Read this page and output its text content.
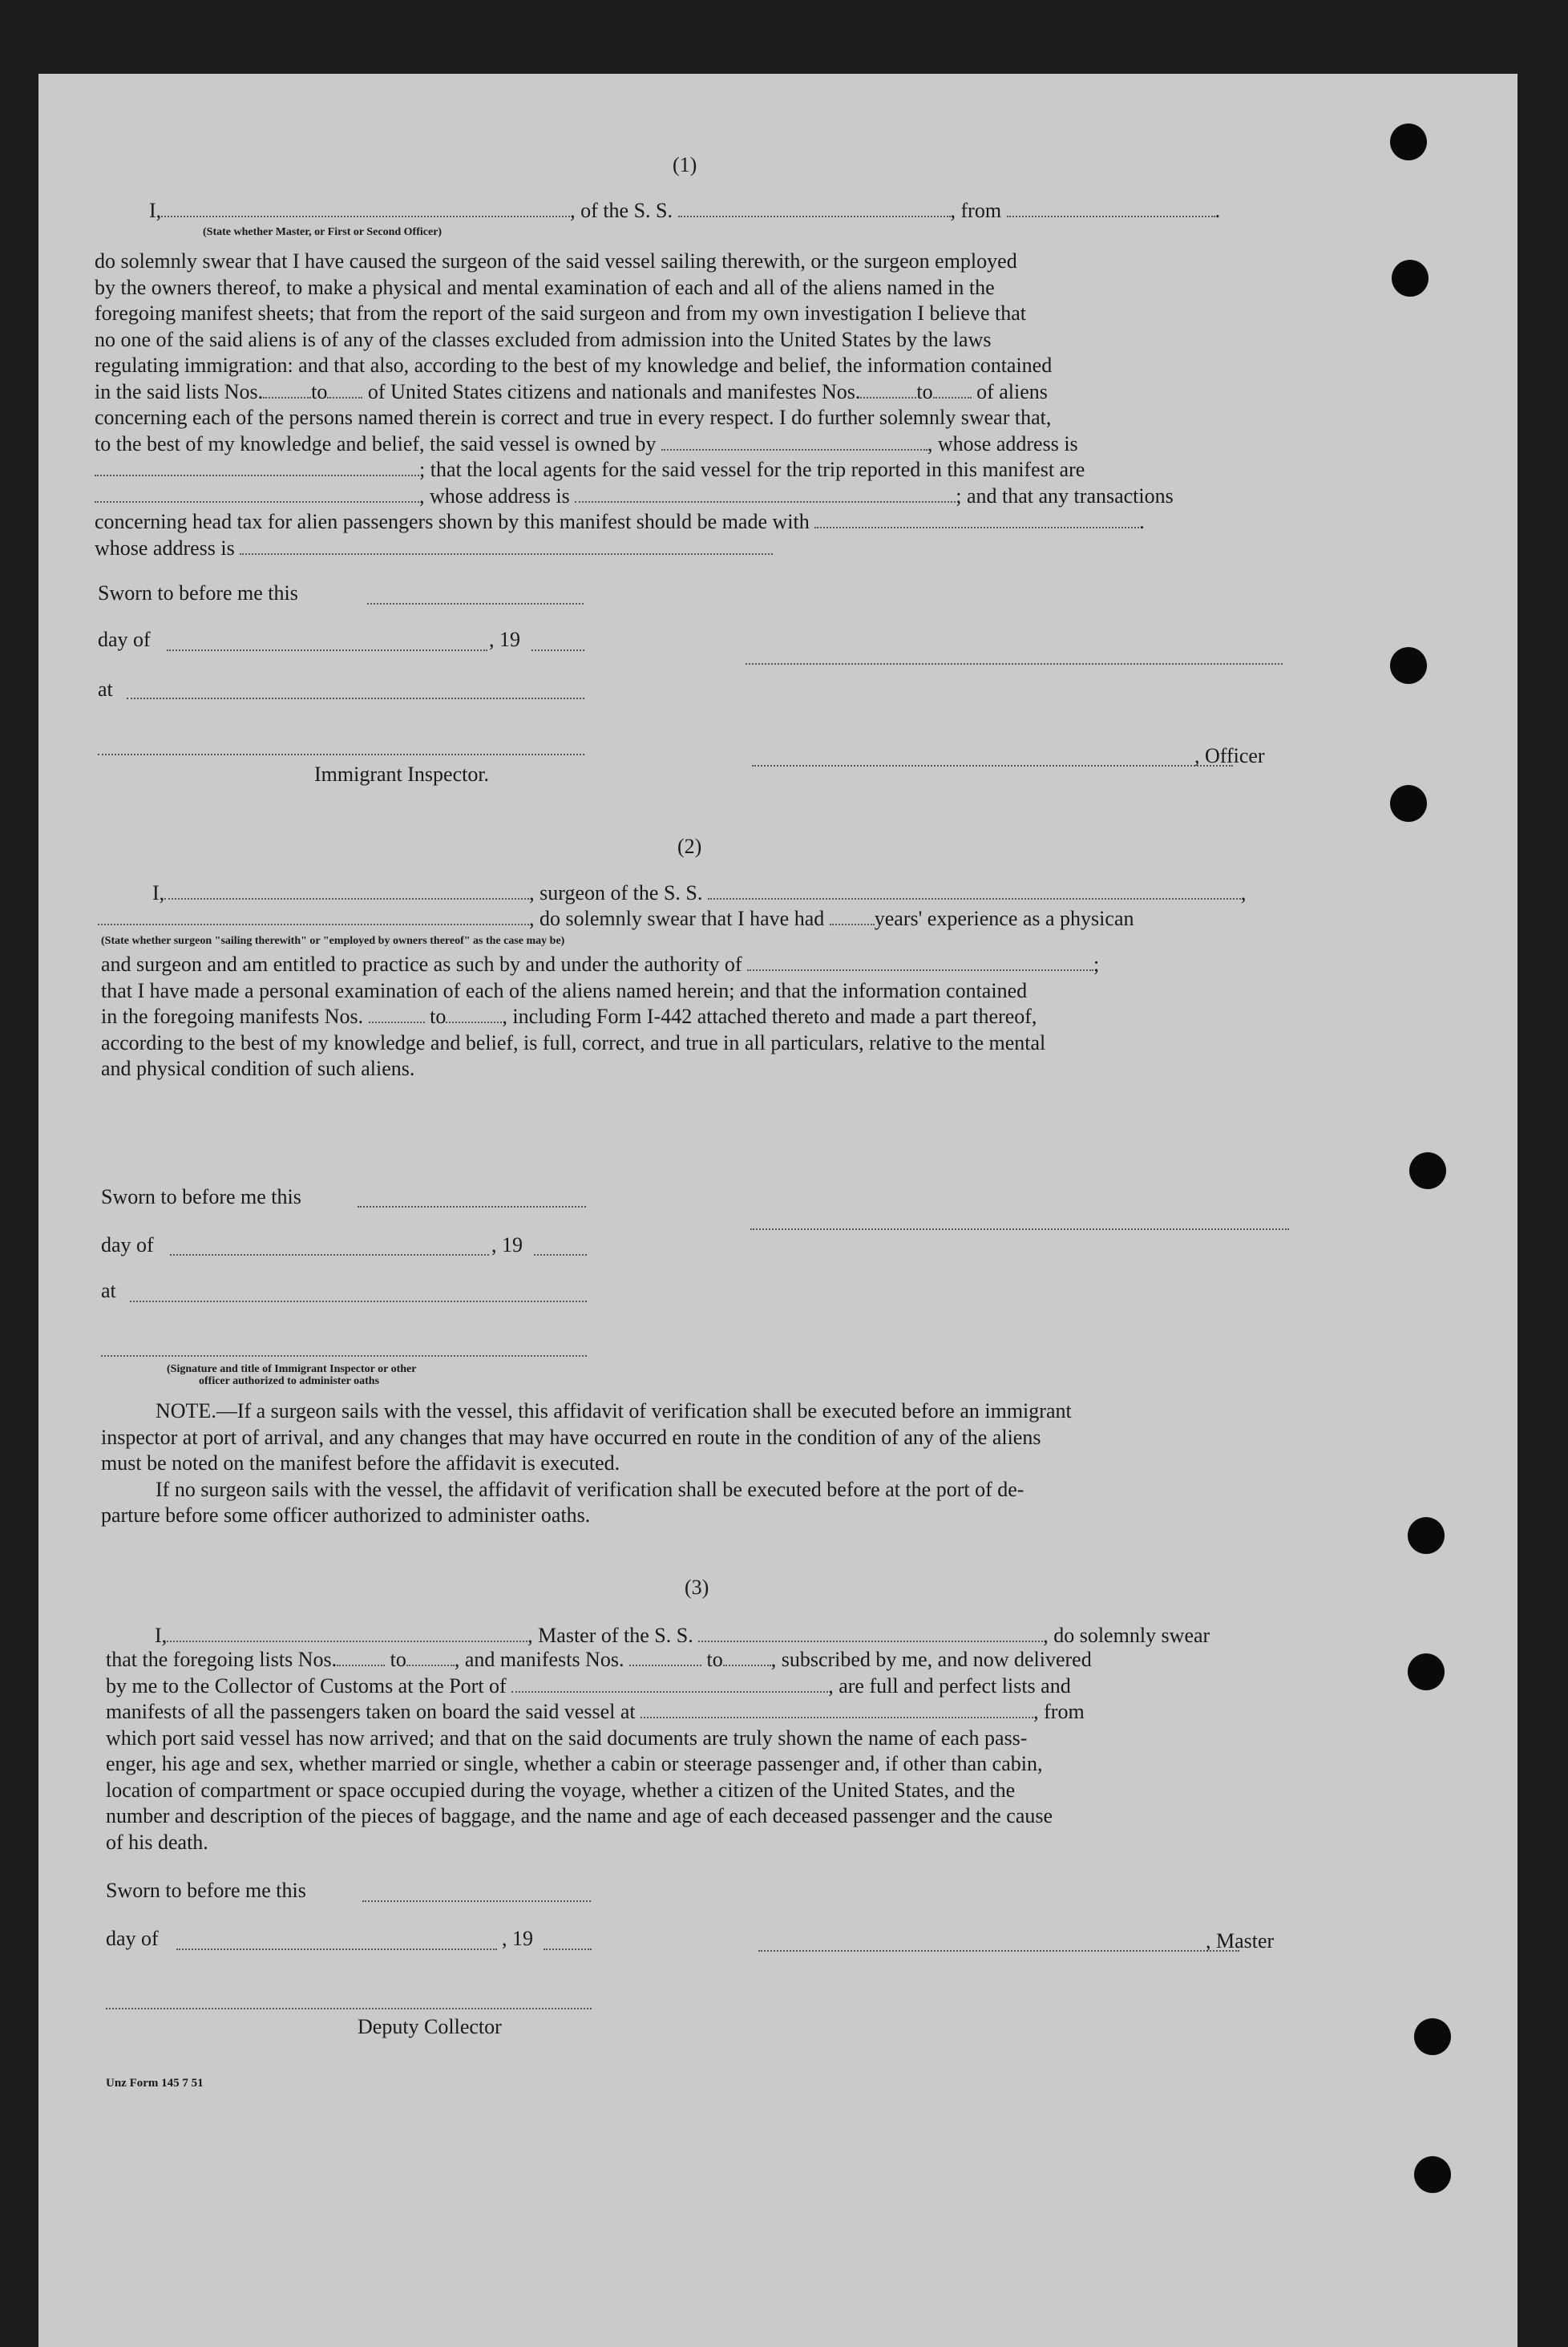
(1)
I,	, of the S. S.	, from	.
(State whether Master, or First or Second Officer)

do solemnly swear that I have caused the surgeon of the said vessel sailing therewith, or the surgeon employed

by the owners thereof, to make a physical and mental examination of each and all of the aliens named in the

foregoing manifest sheets; that from the report of the said surgeon and from my own investigation I believe that

no one of the said aliens is of any of the classes excluded from admission into the United States by the laws

regulating immigration: and that also, according to the best of my knowledge and belief, the information contained

in the said lists Nos. to of United States citizens and nationals and manifestes Nos.	to of aliens

concerning each of the persons named therein is correct and true in every respect. I do further solemnly swear that,

to the best of my knowledge and belief, the said vessel is owned by	, whose address is

; that the local agents for the said vessel for the trip reported in this manifest are

, whose address is	; and that any transactions

concerning head tax for alien passengers shown by this manifest should be made with	.

whose address is

Sworn to before me this
day of	, 19
at
, Officer
Immigrant Inspector.
(2)
I,	, surgeon of the S. S.	,
, do solemnly swear that I have had years' experience as a physican
(State whether surgeon "sailing therewith" or "employed by owners thereof" as the case may be)

and surgeon and am entitled to practice as such by and under the authority of	;

that I have made a personal examination of each of the aliens named herein; and that the information contained

in the foregoing manifests Nos.	to	, including Form I-442 attached thereto and made a part thereof,

according to the best of my knowledge and belief, is full, correct, and true in all particulars, relative to the mental

and physical condition of such aliens.

Sworn to before me this
day of	, 19
at
(Signature and title of Immigrant Inspector or other
officer authorized to administer oaths

NOTE.—If a surgeon sails with the vessel, this affidavit of verification shall be executed before an immigrant

inspector at port of arrival, and any changes that may have occurred en route in the condition of any of the aliens

must be noted on the manifest before the affidavit is executed.

If no surgeon sails with the vessel, the affidavit of verification shall be executed before at the port of de-

parture before some officer authorized to administer oaths.

(3)
I,	, Master of the S. S.	, do solemnly swear

that the foregoing lists Nos.	to , and manifests Nos.	to , subscribed by me, and now delivered

by me to the Collector of Customs at the Port of	, are full and perfect lists and

manifests of all the passengers taken on board the said vessel at	, from

which port said vessel has now arrived; and that on the said documents are truly shown the name of each pass-

enger, his age and sex, whether married or single, whether a cabin or steerage passenger and, if other than cabin,

location of compartment or space occupied during the voyage, whether a citizen of the United States, and the

number and description of the pieces of baggage, and the name and age of each deceased passenger and the cause

of his death.

Sworn to before me this
day of	, 19	, Master
Deputy Collector
Unz Form 145 7 51
